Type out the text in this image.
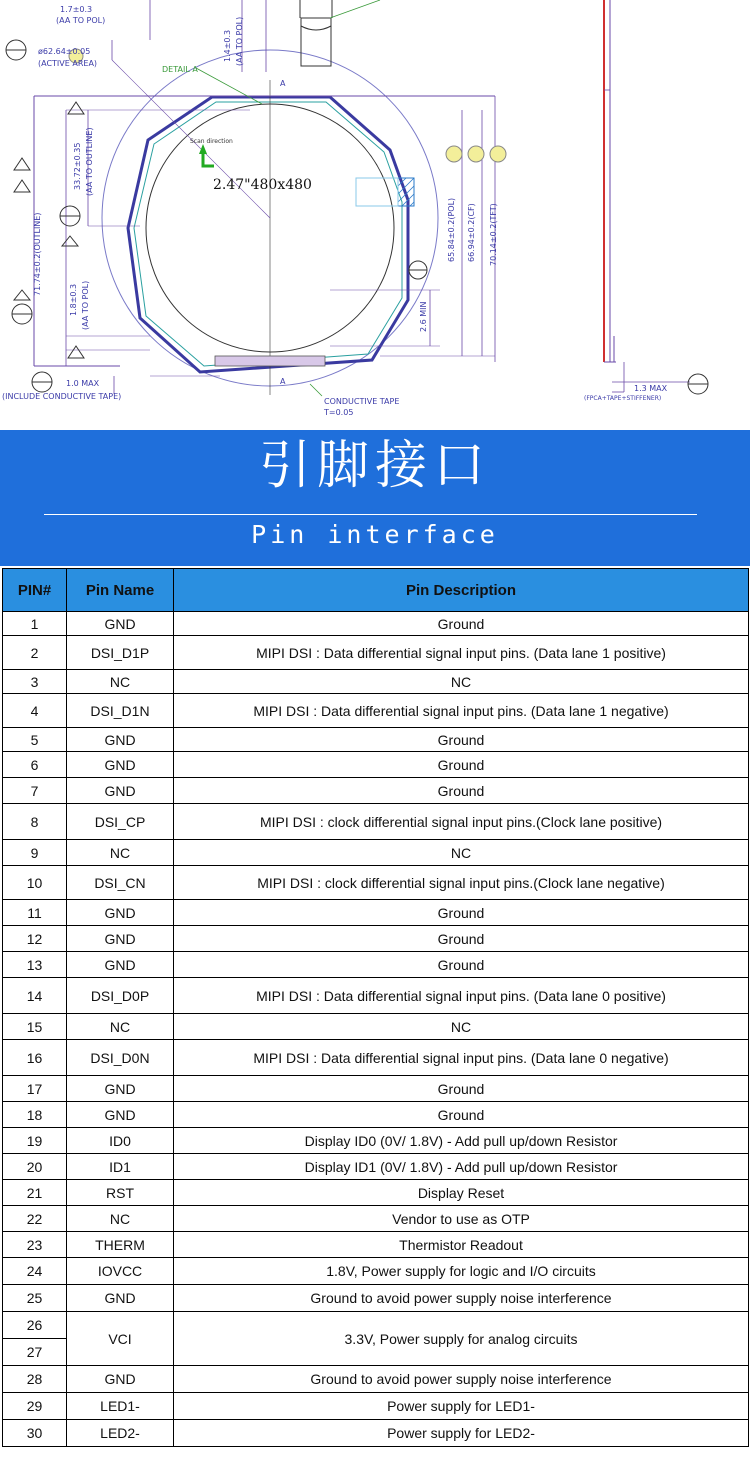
1.7±0.3
(AA TO POL)
ø62.64±0.05
(ACTIVE AREA)
DETAIL A
1.4±0.3 (AA TO POL)
33.72±0.35 (AA TO OUTLINE)
71.74±0.2(OUTLINE)
1.8±0.3 (AA TO POL)
Scan direction
2.47"480x480
65.84±0.2(POL) 66.94±0.2(CF) 70.14±0.2(TFT)
2.6 MIN
1.0 MAX
(INCLUDE CONDUCTIVE TAPE)
CONDUCTIVE TAPE
T=0.05
1.3 MAX
(FPCA+TAPE+STIFFENER)
A
A
引脚接口
Pin interface
PIN#	Pin Name	Pin Description
1	GND	Ground
2	DSI_D1P	MIPI DSI : Data differential signal input pins. (Data lane 1 positive)
3	NC	NC
4	DSI_D1N	MIPI DSI : Data differential signal input pins. (Data lane 1 negative)
5	GND	Ground
6	GND	Ground
7	GND	Ground
8	DSI_CP	MIPI DSI : clock differential signal input pins.(Clock lane positive)
9	NC	NC
10	DSI_CN	MIPI DSI : clock differential signal input pins.(Clock lane negative)
11	GND	Ground
12	GND	Ground
13	GND	Ground
14	DSI_D0P	MIPI DSI : Data differential signal input pins. (Data lane 0 positive)
15	NC	NC
16	DSI_D0N	MIPI DSI : Data differential signal input pins. (Data lane 0 negative)
17	GND	Ground
18	GND	Ground
19	ID0	Display ID0 (0V/ 1.8V) - Add pull up/down Resistor
20	ID1	Display ID1 (0V/ 1.8V) - Add pull up/down Resistor
21	RST	Display Reset
22	NC	Vendor to use as OTP
23	THERM	Thermistor Readout
24	IOVCC	1.8V, Power supply for logic and I/O circuits
25	GND	Ground to avoid power supply noise interference
26	VCI	3.3V, Power supply for analog circuits
27		
28	GND	Ground to avoid power supply noise interference
29	LED1-	Power supply for LED1-
30	LED2-	Power supply for LED2-
